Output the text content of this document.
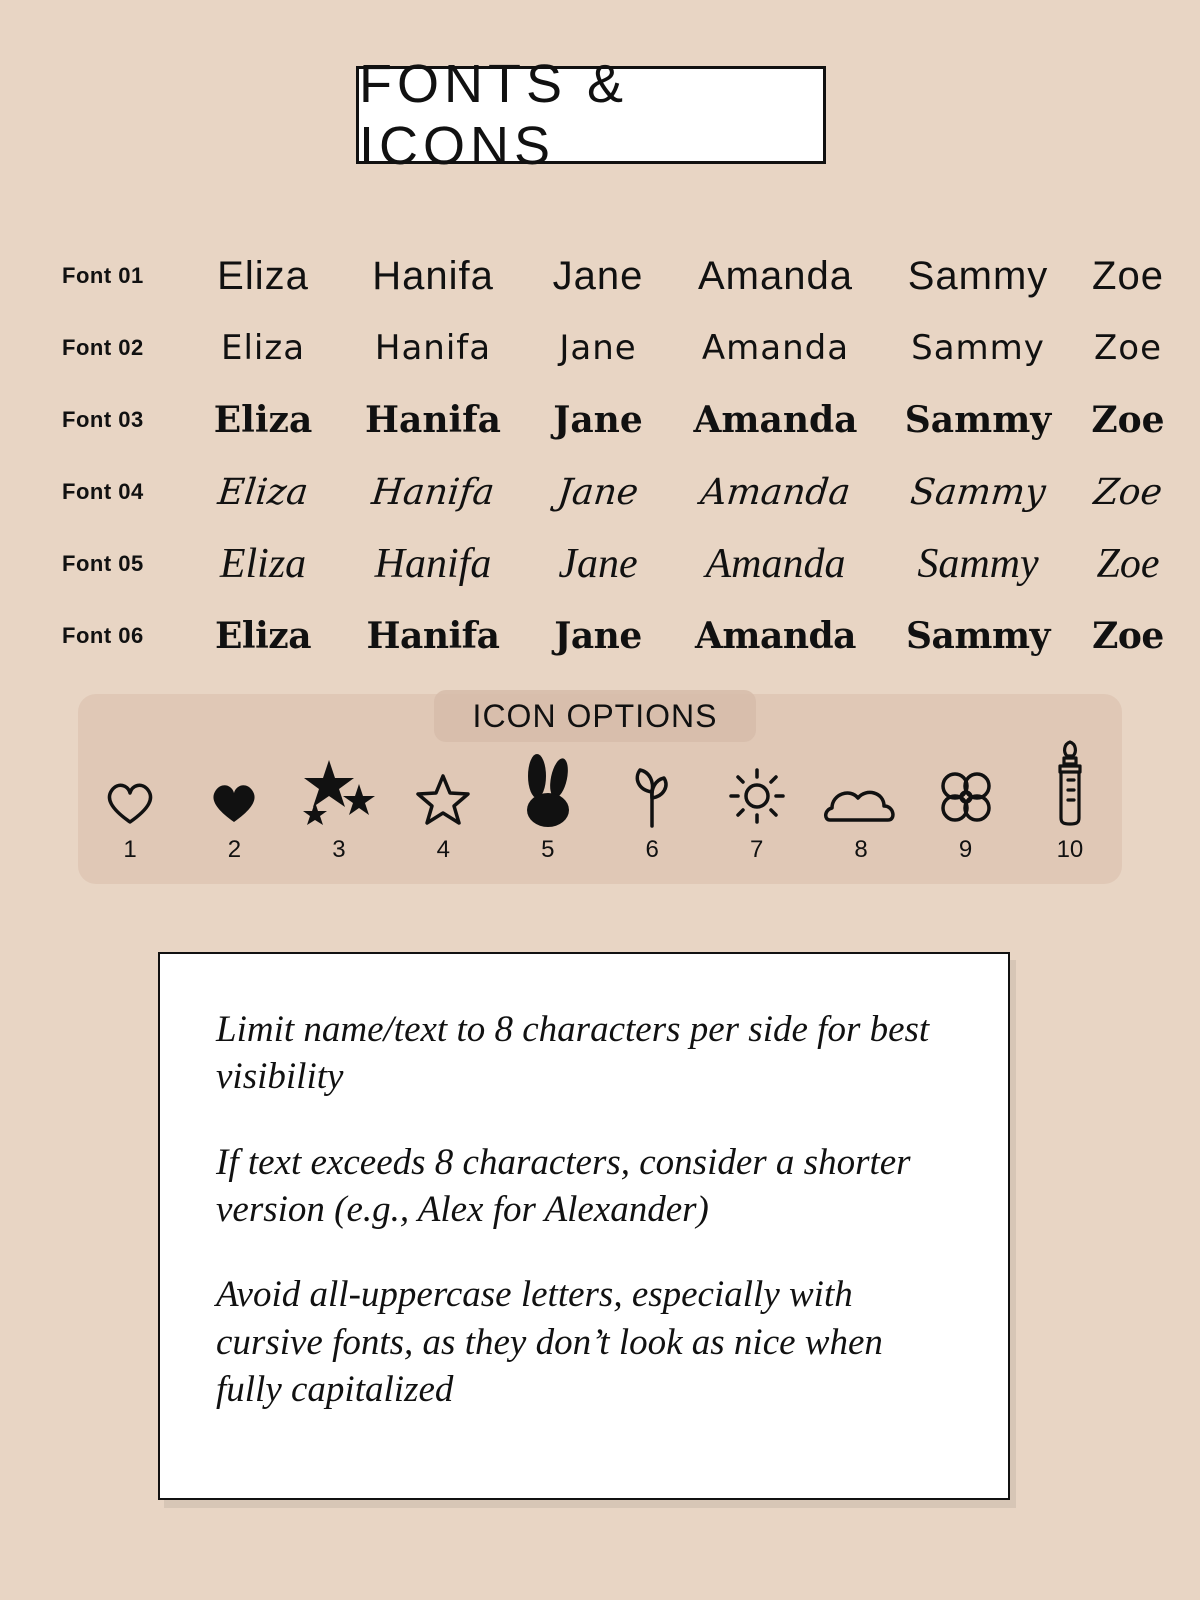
FONTS & ICONS
Font 01	Eliza	Hanifa	Jane	Amanda	Sammy	Zoe
Font 02	Eliza	Hanifa	Jane	Amanda	Sammy	Zoe
Font 03	Eliza	Hanifa	Jane	Amanda	Sammy	Zoe
Font 04	Eliza	Hanifa	Jane	Amanda	Sammy	Zoe
Font 05	Eliza	Hanifa	Jane	Amanda	Sammy	Zoe
Font 06	Eliza	Hanifa	Jane	Amanda	Sammy	Zoe
ICON OPTIONS
1	2	3	4	5	6	7	8	9	10

Limit name/text to 8 characters per side for best visibility

If text exceeds 8 characters, consider a shorter version (e.g., Alex for Alexander)

Avoid all-uppercase letters, especially with cursive fonts, as they don’t look as nice when fully capitalized
